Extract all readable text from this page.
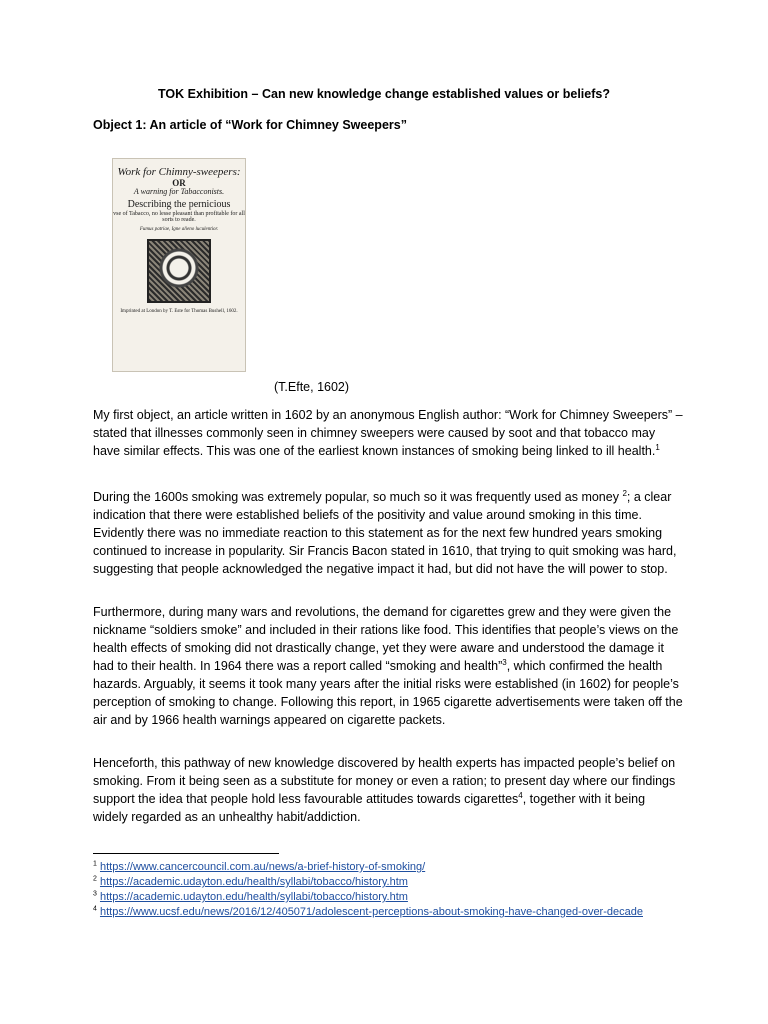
TOK Exhibition – Can new knowledge change established values or beliefs?
Object 1: An article of “Work for Chimney Sweepers”
Work for Chimny-sweepers:
OR
A warning for Tabacconists.
Describing the pernicious
vse of Tabacco, no lesse pleasant than profitable for all sorts to reade.
Fumus patriae, Igne alieno luculentior.
Imprinted at London by T. Este for Thomas Bushell, 1602.
(T.Efte, 1602)

My first object, an article written in 1602 by an anonymous English author: “Work for Chimney Sweepers” – stated that illnesses commonly seen in chimney sweepers were caused by soot and that tobacco may have similar effects. This was one of the earliest known instances of smoking being linked to ill health.$^1$

During the 1600s smoking was extremely popular, so much so it was frequently used as money $^2$; a clear indication that there were established beliefs of the positivity and value around smoking in this time. Evidently there was no immediate reaction to this statement as for the next few hundred years smoking continued to increase in popularity. Sir Francis Bacon stated in 1610, that trying to quit smoking was hard, suggesting that people acknowledged the negative impact it had, but did not have the will power to stop.

Furthermore, during many wars and revolutions, the demand for cigarettes grew and they were given the nickname “soldiers smoke” and included in their rations like food. This identifies that people’s views on the health effects of smoking did not drastically change, yet they were aware and understood the damage it had to their health. In 1964 there was a report called “smoking and health”$^3$, which confirmed the health hazards. Arguably, it seems it took many years after the initial risks were established (in 1602) for people’s perception of smoking to change. Following this report, in 1965 cigarette advertisements were taken off the air and by 1966 health warnings appeared on cigarette packets.

Henceforth, this pathway of new knowledge discovered by health experts has impacted people’s belief on smoking. From it being seen as a substitute for money or even a ration; to present day where our findings support the idea that people hold less favourable attitudes towards cigarettes$^4$, together with it being widely regarded as an unhealthy habit/addiction.

$^1$ https://www.cancercouncil.com.au/news/a-brief-history-of-smoking/

$^2$ https://academic.udayton.edu/health/syllabi/tobacco/history.htm

$^3$ https://academic.udayton.edu/health/syllabi/tobacco/history.htm

$^4$ https://www.ucsf.edu/news/2016/12/405071/adolescent-perceptions-about-smoking-have-changed-over-decade
